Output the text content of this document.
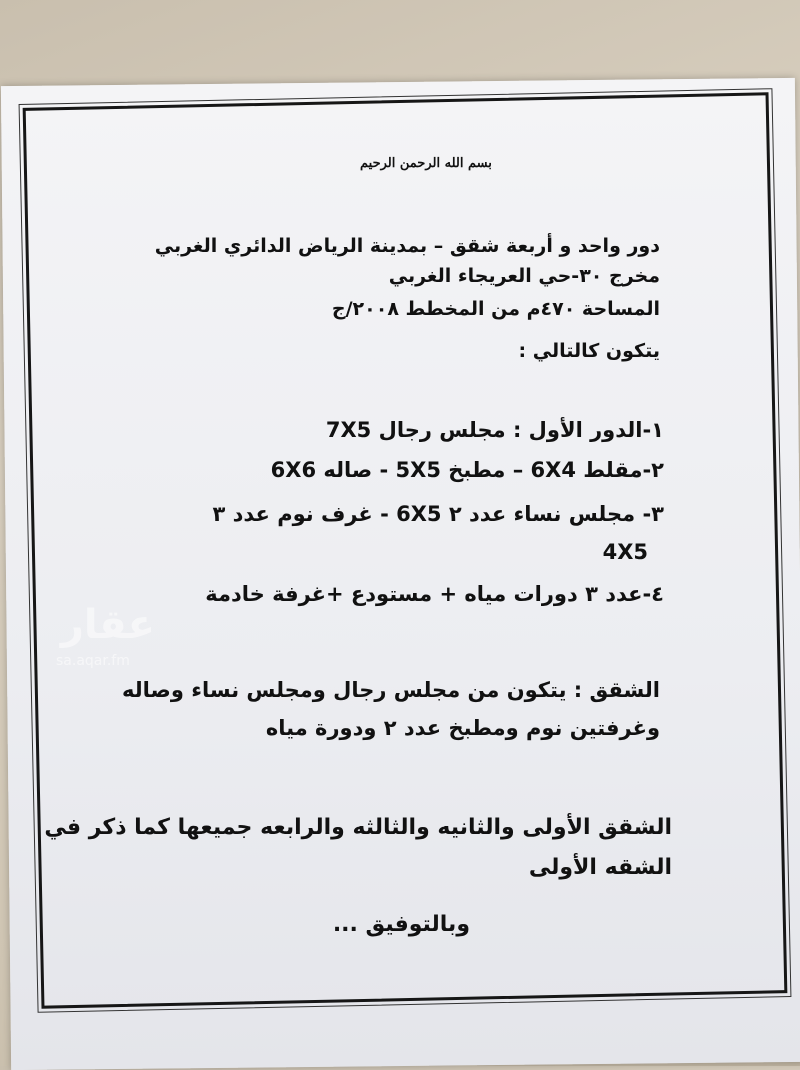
بسم الله الرحمن الرحيم
دور واحد و أربعة شقق – بمدينة الرياض الدائري الغربي
مخرج ٣٠-حي العريجاء الغربي
المساحة ٤٧٠م من المخطط ٢٠٠٨/ج
يتكون كالتالي :
١-الدور الأول : مجلس رجال 7X5
٢-مقلط 6X4 – مطبخ 5X5 - صاله 6X6
٣- مجلس نساء عدد ٢ 6X5 - غرف نوم عدد ٣
4X5
٤-عدد ٣ دورات مياه + مستودع +غرفة خادمة
الشقق : يتكون من مجلس رجال ومجلس نساء وصاله
وغرفتين نوم ومطبخ عدد ٢ ودورة مياه
الشقق الأولى والثانيه والثالثه والرابعه جميعها كما ذكر في
الشقه الأولى
وبالتوفيق ...
عقار
sa.aqar.fm
